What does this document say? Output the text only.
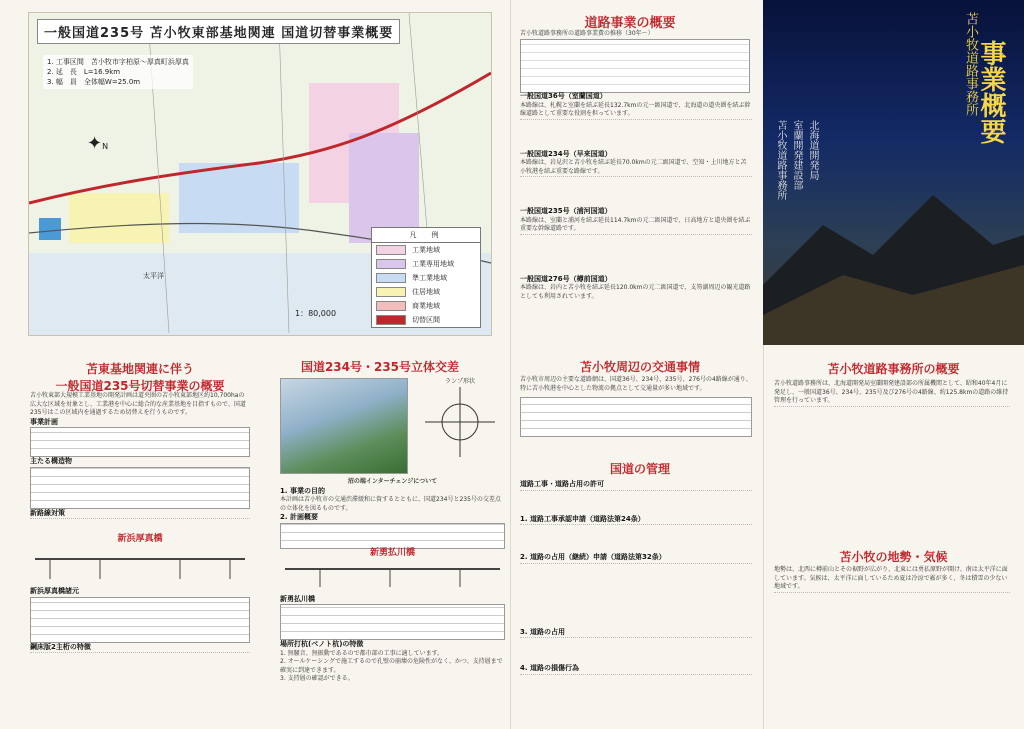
一般国道235号 苫小牧東部基地関連 国道切替事業概要
1. 工事区間　苫小牧市字柏原〜厚真町浜厚真
2. 延　長　L=16.9km
3. 幅　員　全体幅W=25.0m
✦N
太平洋
凡　例
工業地域
工業専用地域
準工業地域
住居地域
商業地域
切替区間
1：80,000
道路事業の概要
苫小牧道路事務所の道路事業費の推移（30年〜）
一般国道36号（室蘭国道）
本路線は、札幌と室蘭を結ぶ延長132.7kmの元一級国道で、北海道の道央圏を結ぶ幹線道路として重要な役割を担っています。
一般国道234号（早来国道）
本路線は、岩見沢と苫小牧を結ぶ延長70.0kmの元二級国道で、空知・上川地方と苫小牧港を結ぶ重要な路線です。
一般国道235号（浦河国道）
本路線は、室蘭と浦河を結ぶ延長114.7kmの元二級国道で、日高地方と道央圏を結ぶ重要な幹線道路です。
一般国道276号（樽前国道）
本路線は、岩内と苫小牧を結ぶ延長120.0kmの元二級国道で、支笏湖周辺の観光道路としても利用されています。
苫小牧道路事務所
事業概要
北海道開発局
室蘭開発建設部
苫小牧道路事務所
苫東基地関連に伴う
一般国道235号切替事業の概要
苫小牧東部大規模工業基地の開発計画は道央圏の苫小牧東部地区約10,700haの広大な区域を対象とし、工業港を中心に総合的な産業基地を目指すもので、国道235号はこの区域内を通過するため切替えを行うものです。
事業計画
主たる構造物
新路線対策
新浜厚真橋
新浜厚真橋諸元
鋼床版2主桁の特徴
国道234号・235号立体交差
ランプ形状
沼の端インターチェンジについて
1. 事業の目的
本計画は苫小牧市の交通渋滞緩和に資するとともに、国道234号と235号の交差点の立体化を図るものです。
2. 計画概要
新勇払川橋
新勇払川橋
場所打杭(ベノト杭)の特徴
1. 無騒音、無振動であるので都市部の工事に適しています。
2. オールケーシングで施工するので孔壁の崩壊の危険性がなく、かつ、支持層まで確実に到達できます。
3. 支持層の確認ができる。
苫小牧周辺の交通事情
苫小牧市周辺の主要な道路網は、国道36号、234号、235号、276号の4路線が通り、特に苫小牧港を中心とした物流の拠点として交通量が多い地域です。
国道の管理
道路工事・道路占用の許可
1. 道路工事承認申請（道路法第24条）
2. 道路の占用（継続）申請（道路法第32条）
3. 道路の占用
4. 道路の損傷行為
苫小牧道路事務所の概要
苫小牧道路事務所は、北海道開発局室蘭開発建設部の所属機関として、昭和40年4月に発足し、一般国道36号、234号、235号及び276号の4路線、約125.8kmの道路の維持管理を行っています。
苫小牧の地勢・気候
地勢は、北西に樽前山とその裾野が広がり、北東には勇払原野が開け、南は太平洋に面しています。気候は、太平洋に面しているため夏は冷涼で霧が多く、冬は積雪の少ない地域です。
